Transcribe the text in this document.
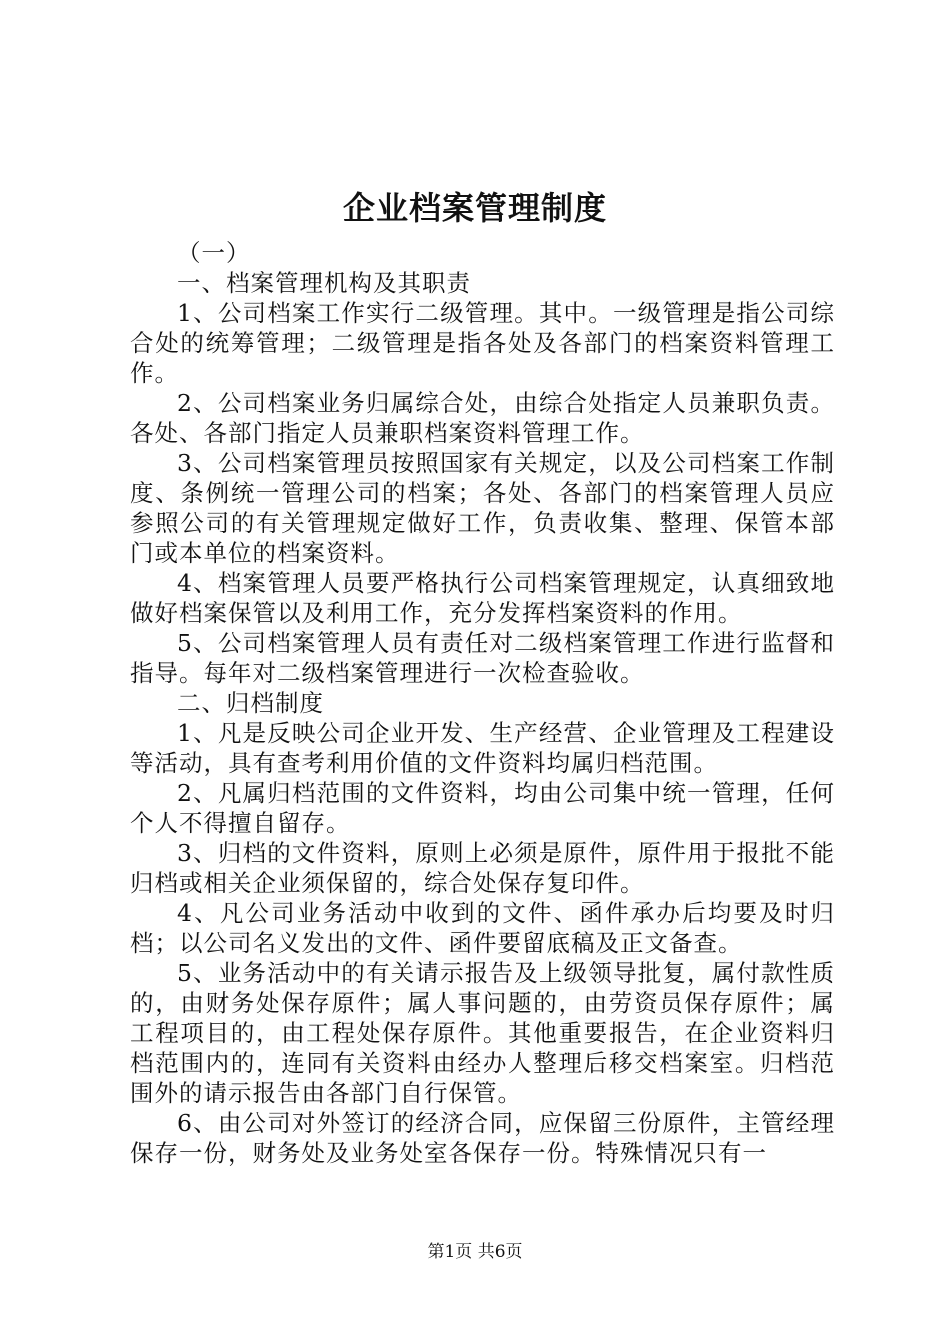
企业档案管理制度

（一）

一、档案管理机构及其职责

1、公司档案工作实行二级管理。其中。一级管理是指公司综合处的统筹管理；二级管理是指各处及各部门的档案资料管理工作。

2、公司档案业务归属综合处，由综合处指定人员兼职负责。各处、各部门指定人员兼职档案资料管理工作。

3、公司档案管理员按照国家有关规定，以及公司档案工作制度、条例统一管理公司的档案；各处、各部门的档案管理人员应参照公司的有关管理规定做好工作，负责收集、整理、保管本部门或本单位的档案资料。

4、档案管理人员要严格执行公司档案管理规定，认真细致地做好档案保管以及利用工作，充分发挥档案资料的作用。

5、公司档案管理人员有责任对二级档案管理工作进行监督和指导。每年对二级档案管理进行一次检查验收。

二、归档制度

1、凡是反映公司企业开发、生产经营、企业管理及工程建设等活动，具有查考利用价值的文件资料均属归档范围。

2、凡属归档范围的文件资料，均由公司集中统一管理，任何个人不得擅自留存。

3、归档的文件资料，原则上必须是原件，原件用于报批不能归档或相关企业须保留的，综合处保存复印件。

4、凡公司业务活动中收到的文件、函件承办后均要及时归档；以公司名义发出的文件、函件要留底稿及正文备查。

5、业务活动中的有关请示报告及上级领导批复，属付款性质的，由财务处保存原件；属人事问题的，由劳资员保存原件；属工程项目的，由工程处保存原件。其他重要报告，在企业资料归档范围内的，连同有关资料由经办人整理后移交档案室。归档范围外的请示报告由各部门自行保管。

6、由公司对外签订的经济合同，应保留三份原件，主管经理保存一份，财务处及业务处室各保存一份。特殊情况只有一

第1页 共6页
